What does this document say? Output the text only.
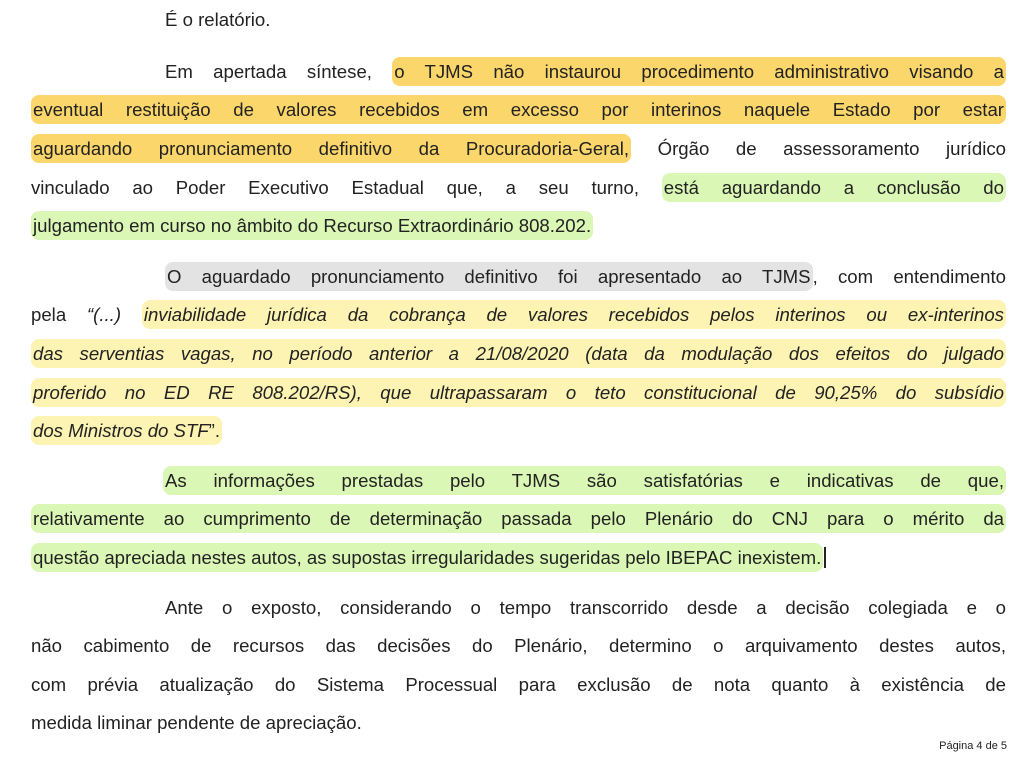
É o relatório.
Em apertada síntese, o TJMS não instaurou procedimento administrativo visando a
eventual restituição de valores recebidos em excesso por interinos naquele Estado por estar
aguardando pronunciamento definitivo da Procuradoria-Geral, Órgão de assessoramento jurídico
vinculado ao Poder Executivo Estadual que, a seu turno, está aguardando a conclusão do
julgamento em curso no âmbito do Recurso Extraordinário 808.202.
O aguardado pronunciamento definitivo foi apresentado ao TJMS , com entendimento
pela “(...) inviabilidade jurídica da cobrança de valores recebidos pelos interinos ou ex-interinos
das serventias vagas, no período anterior a 21/08/2020 (data da modulação dos efeitos do julgado
proferido no ED RE 808.202/RS), que ultrapassaram o teto constitucional de 90,25% do subsídio
dos Ministros do STF”.
As informações prestadas pelo TJMS são satisfatórias e indicativas de que,
relativamente ao cumprimento de determinação passada pelo Plenário do CNJ para o mérito da
questão apreciada nestes autos, as supostas irregularidades sugeridas pelo IBEPAC inexistem.
Ante o exposto, considerando o tempo transcorrido desde a decisão colegiada e o
não cabimento de recursos das decisões do Plenário, determino o arquivamento destes autos,
com prévia atualização do Sistema Processual para exclusão de nota quanto à existência de
medida liminar pendente de apreciação.
Página 4 de 5
